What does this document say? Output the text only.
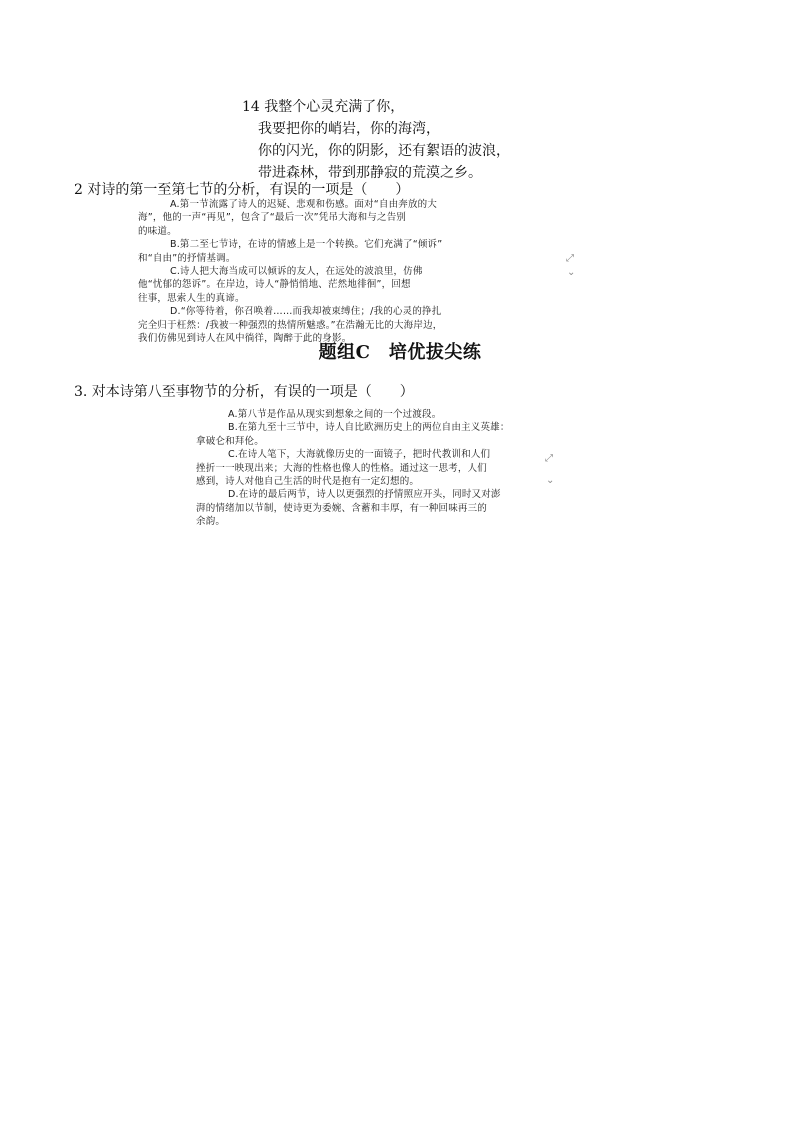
14 我整个心灵充满了你，
我要把你的峭岩，你的海湾，
你的闪光，你的阴影，还有絮语的波浪，
带进森林，带到那静寂的荒漠之乡。
2 对诗的第一至第七节的分析，有误的一项是（　　）

A.第一节流露了诗人的迟疑、悲观和伤感。面对“自由奔放的大

海”，他的一声“再见”，包含了“最后一次”凭吊大海和与之告别

的味道。

B.第二至七节诗，在诗的情感上是一个转换。它们充满了“倾诉”

和“自由”的抒情基调。

C.诗人把大海当成可以倾诉的友人，在远处的波浪里，仿佛

他“忧郁的怨诉”。在岸边，诗人“静悄悄地、茫然地徘徊”，回想

往事，思索人生的真谛。

D.“你等待着，你召唤着……而我却被束缚住；/我的心灵的挣扎

完全归于枉然：/我被一种强烈的热情所魅惑。”在浩瀚无比的大海岸边，

我们仿佛见到诗人在风中徜徉，陶醉于此的身影。

⤢
⌄
题组C　培优拔尖练
3. 对本诗第八至事物节的分析，有误的一项是（　　）

A.第八节是作品从现实到想象之间的一个过渡段。

B.在第九至十三节中，诗人自比欧洲历史上的两位自由主义英雄：

拿破仑和拜伦。

C.在诗人笔下，大海就像历史的一面镜子，把时代教训和人们

挫折一一映现出来；大海的性格也像人的性格。通过这一思考，人们

感到，诗人对他自己生活的时代是抱有一定幻想的。

D.在诗的最后两节，诗人以更强烈的抒情照应开头，同时又对澎

湃的情绪加以节制，使诗更为委婉、含蓄和丰厚，有一种回味再三的

余韵。

⤢
⌄
